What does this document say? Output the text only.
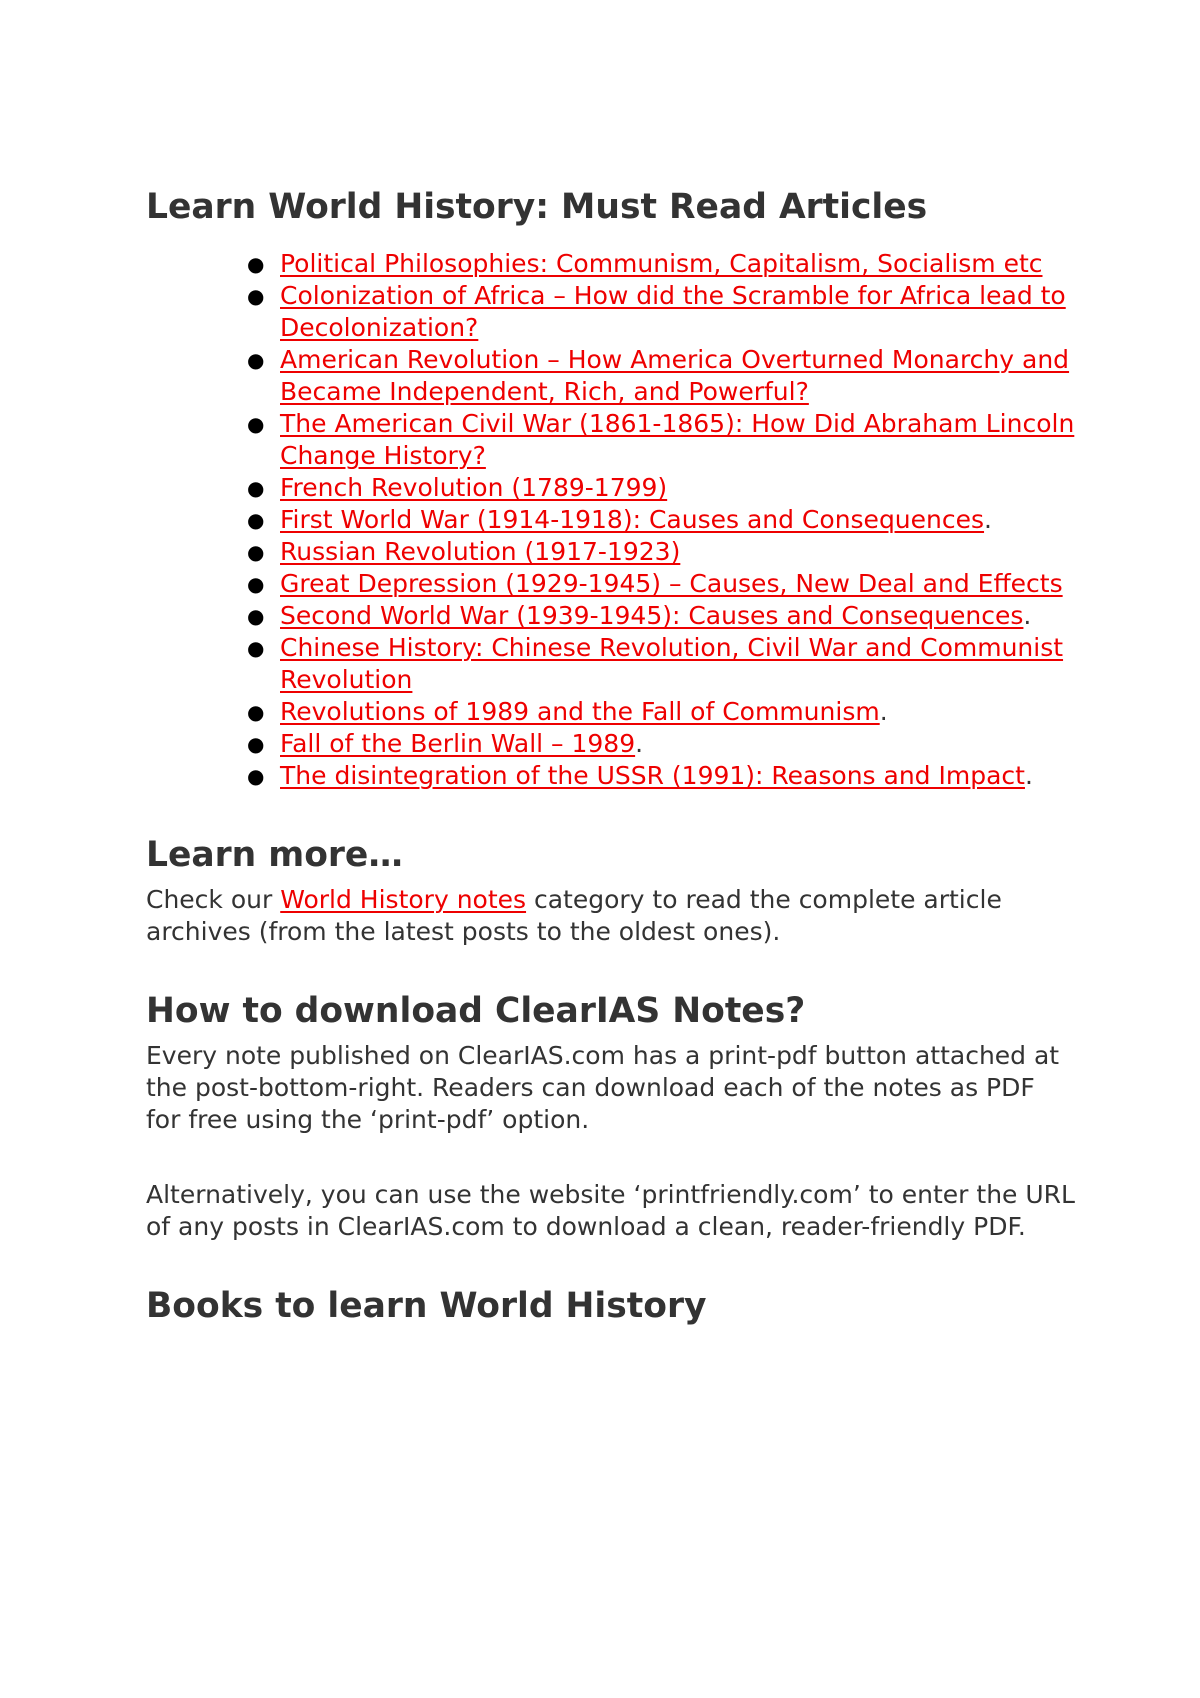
Learn World History: Must Read Articles
● Political Philosophies: Communism, Capitalism, Socialism etc
● Colonization of Africa – How did the Scramble for Africa lead to Decolonization?
● American Revolution – How America Overturned Monarchy and Became Independent, Rich, and Powerful?
● The American Civil War (1861-1865): How Did Abraham Lincoln Change History?
● French Revolution (1789-1799)
● First World War (1914-1918): Causes and Consequences.
● Russian Revolution (1917-1923)
● Great Depression (1929-1945) – Causes, New Deal and Effects
● Second World War (1939-1945): Causes and Consequences.
● Chinese History: Chinese Revolution, Civil War and Communist Revolution
● Revolutions of 1989 and the Fall of Communism.
● Fall of the Berlin Wall – 1989.
● The disintegration of the USSR (1991): Reasons and Impact.
Learn more…

Check our World History notes category to read the complete article archives (from the latest posts to the oldest ones).

How to download ClearIAS Notes?

Every note published on ClearIAS.com has a print-pdf button attached at the post-bottom-right. Readers can download each of the notes as PDF for free using the ‘print-pdf’ option.

Alternatively, you can use the website ‘printfriendly.com’ to enter the URL of any posts in ClearIAS.com to download a clean, reader-friendly PDF.

Books to learn World History
